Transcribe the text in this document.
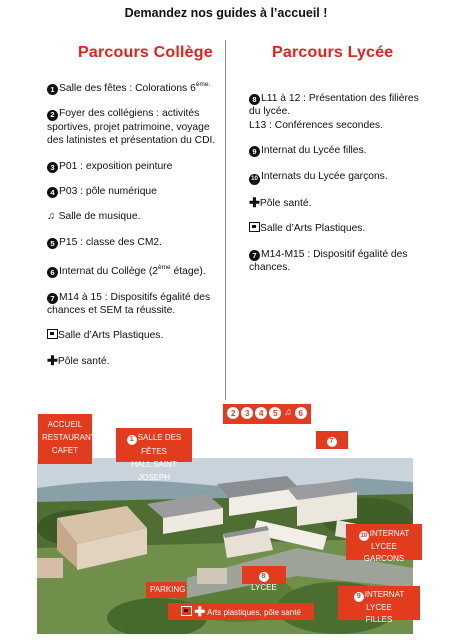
Demandez nos guides à l’accueil !
Parcours Collège	Parcours Lycée
1 Salle des fêtes : Colorations $6^{ème.}$
2 Foyer des collégiens : activités sportives, projet patrimoine, voyage des latinistes et présentation du CDI.
3 P01 : exposition peinture
4 P03 : pôle numérique
♫ Salle de musique.
5 P15 : classe des CM2.
6 Internat du Collège (2ème étage).
7 M14 à 15 : Dispositifs égalité des chances et SEM ta réussite.
Salle d’Arts Plastiques.
✚Pôle santé.
8 L11 à 12 : Présentation des filières du lycée.
L13 : Conférences secondes.
9 Internat du Lycée filles.
10 Internats du Lycée garçons.
✚Pôle santé.
Salle d’Arts Plastiques.
7 M14-M15 : Dispositif égalité des chances.
ACCUEIL
RESTAURANT
CAFET
1 SALLE DES FÊTES
HALL SAINT JOSEPH
2	3	4	5 ♫ 6
7EDC
10 INTERNAT
LYCEE GARCONS
8LYCEE
PARKING
9 INTERNAT LYCEE
FILLES
✚ Arts plastiques, pôle santé
